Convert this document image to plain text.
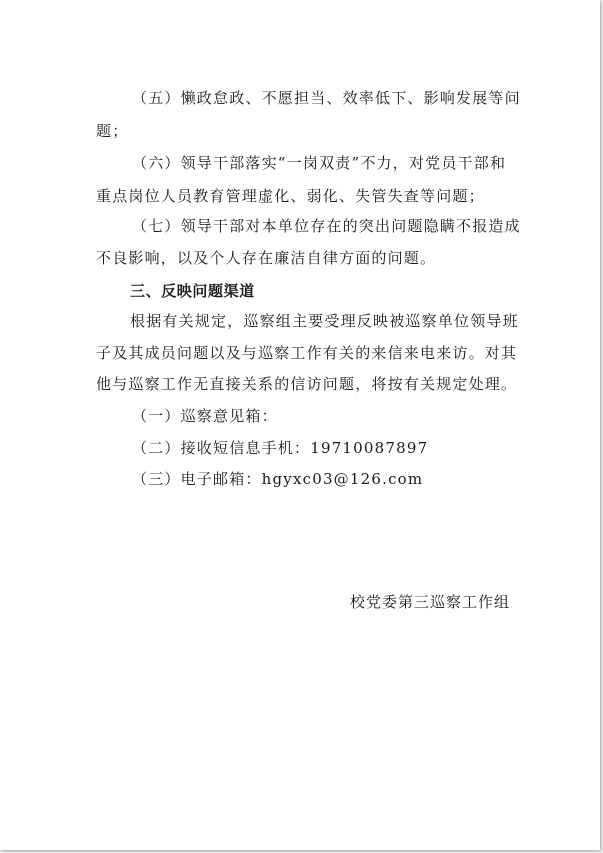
（五）懒政怠政、不愿担当、效率低下、影响发展等问
题；
（六）领导干部落实“一岗双责”不力，对党员干部和
重点岗位人员教育管理虚化、弱化、失管失查等问题；
（七）领导干部对本单位存在的突出问题隐瞒不报造成
不良影响，以及个人存在廉洁自律方面的问题。
三、反映问题渠道
根据有关规定，巡察组主要受理反映被巡察单位领导班
子及其成员问题以及与巡察工作有关的来信来电来访。对其
他与巡察工作无直接关系的信访问题，将按有关规定处理。
（一）巡察意见箱：
（二）接收短信息手机：19710087897
（三）电子邮箱：hgyxc03@126.com
校党委第三巡察工作组
